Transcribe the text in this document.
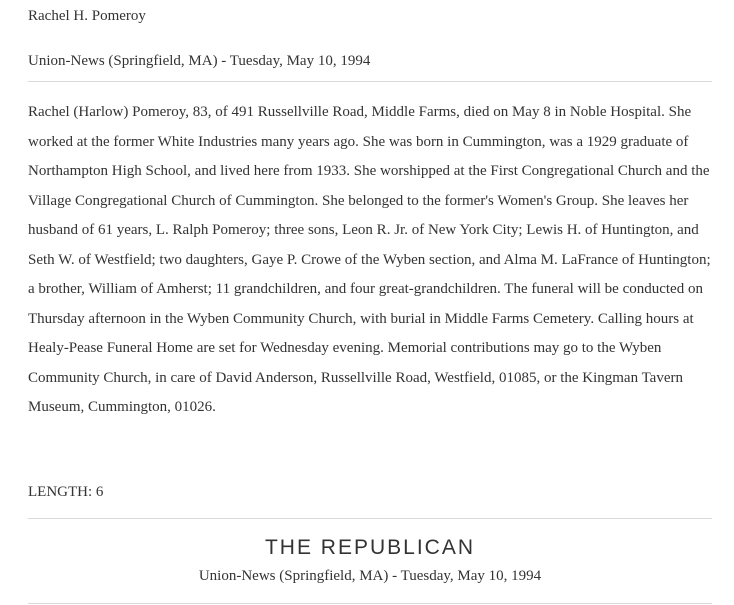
Rachel H. Pomeroy
Union-News (Springfield, MA) - Tuesday, May 10, 1994
Rachel (Harlow) Pomeroy, 83, of 491 Russellville Road, Middle Farms, died on May 8 in Noble Hospital. She worked at the former White Industries many years ago. She was born in Cummington, was a 1929 graduate of Northampton High School, and lived here from 1933. She worshipped at the First Congregational Church and the Village Congregational Church of Cummington. She belonged to the former's Women's Group. She leaves her husband of 61 years, L. Ralph Pomeroy; three sons, Leon R. Jr. of New York City; Lewis H. of Huntington, and Seth W. of Westfield; two daughters, Gaye P. Crowe of the Wyben section, and Alma M. LaFrance of Huntington; a brother, William of Amherst; 11 grandchildren, and four great-grandchildren. The funeral will be conducted on Thursday afternoon in the Wyben Community Church, with burial in Middle Farms Cemetery. Calling hours at Healy-Pease Funeral Home are set for Wednesday evening. Memorial contributions may go to the Wyben Community Church, in care of David Anderson, Russellville Road, Westfield, 01085, or the Kingman Tavern Museum, Cummington, 01026.
LENGTH: 6
THE REPUBLICAN
Union-News (Springfield, MA) - Tuesday, May 10, 1994
